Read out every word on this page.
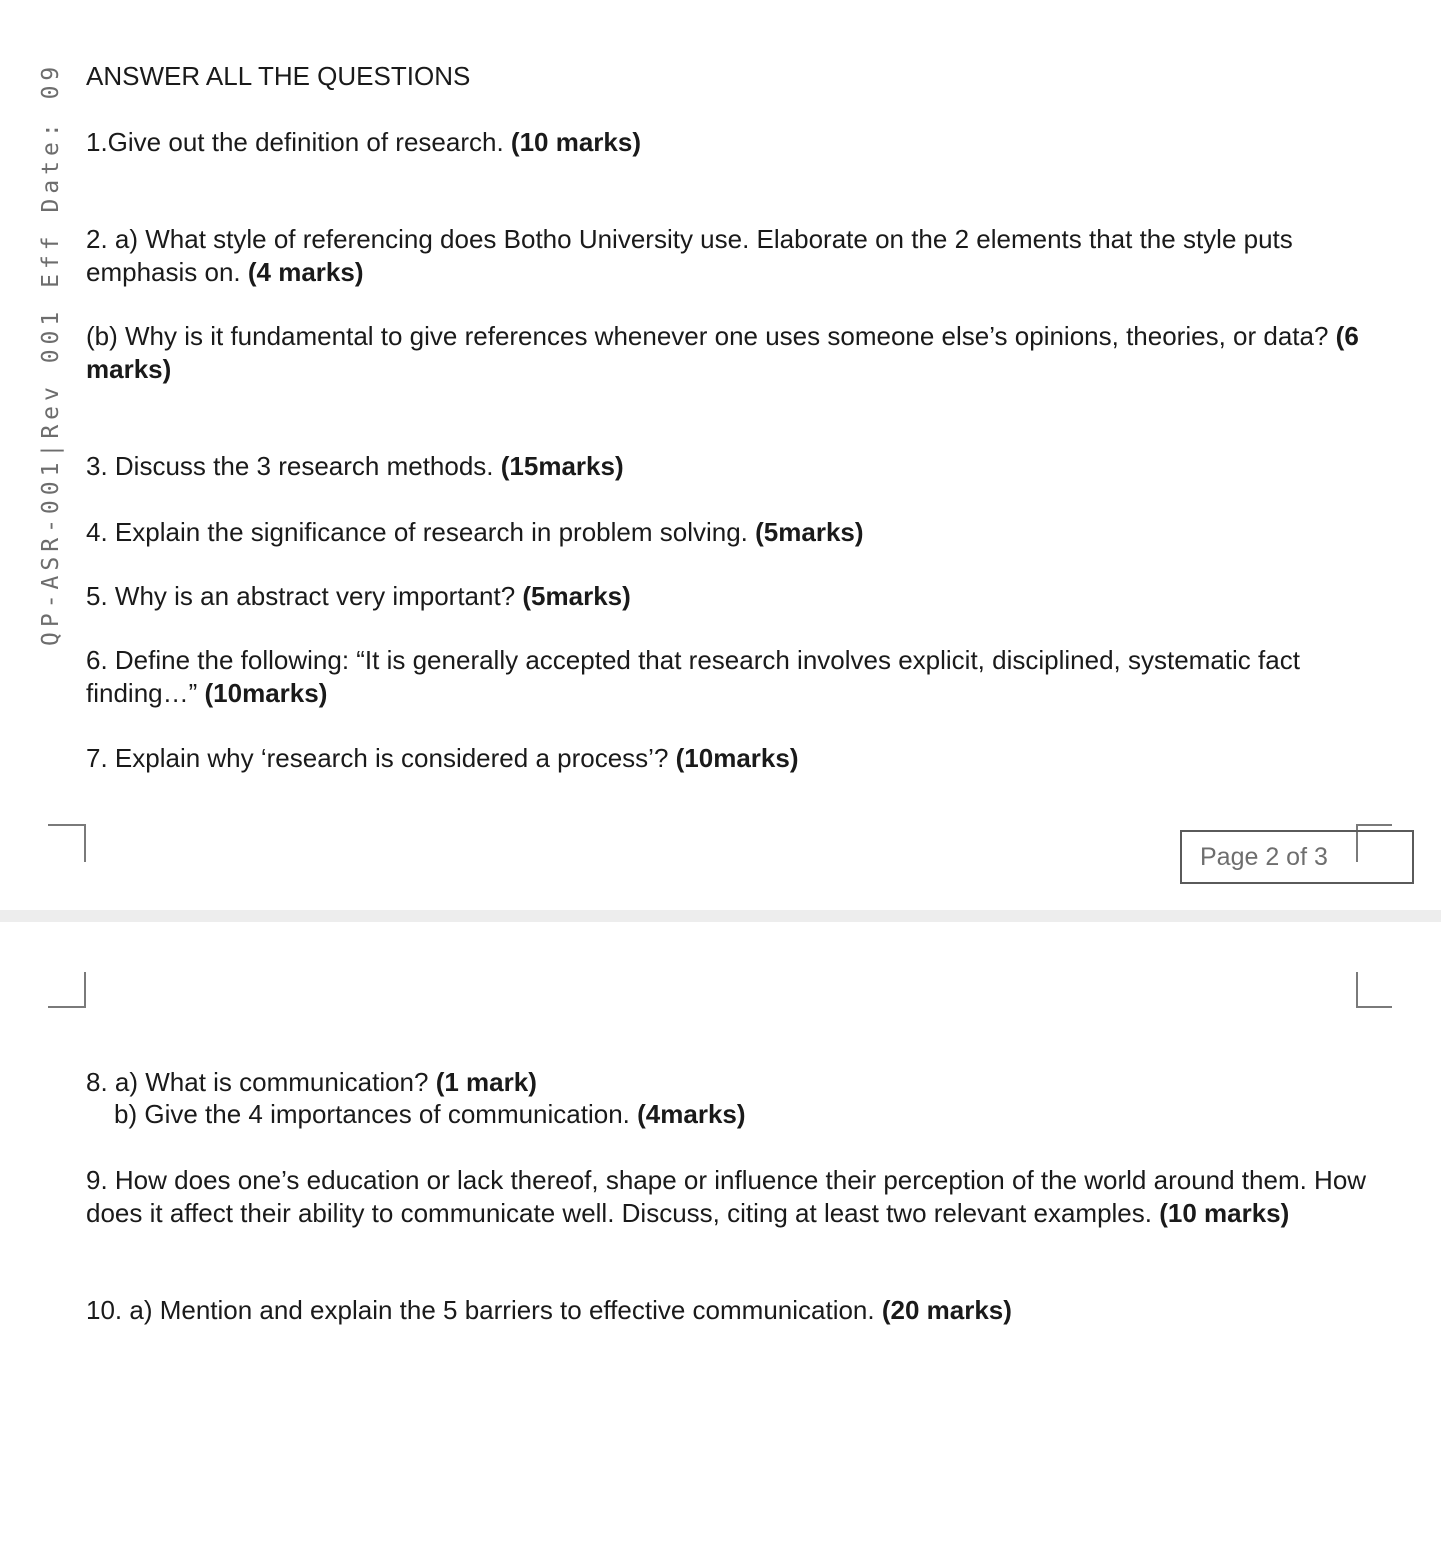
QP-ASR-001|Rev 001 Eff Date: 09 ANSWER ALL THE QUESTIONS
1.Give out the definition of research. (10 marks)
2. a) What style of referencing does Botho University use. Elaborate on the 2 elements that the style puts emphasis on. (4 marks)
(b) Why is it fundamental to give references whenever one uses someone else’s opinions, theories, or data? (6 marks)
3. Discuss the 3 research methods. (15marks)
4. Explain the significance of research in problem solving. (5marks)
5. Why is an abstract very important? (5marks)
6. Define the following: “It is generally accepted that research involves explicit, disciplined, systematic fact finding…” (10marks)
7. Explain why ‘research is considered a process’? (10marks)
Page 2 of 3
8. a) What is communication? (1 mark)
b) Give the 4 importances of communication. (4marks)
9. How does one’s education or lack thereof, shape or influence their perception of the world around them. How does it affect their ability to communicate well. Discuss, citing at least two relevant examples. (10 marks)
10. a) Mention and explain the 5 barriers to effective communication. (20 marks)
